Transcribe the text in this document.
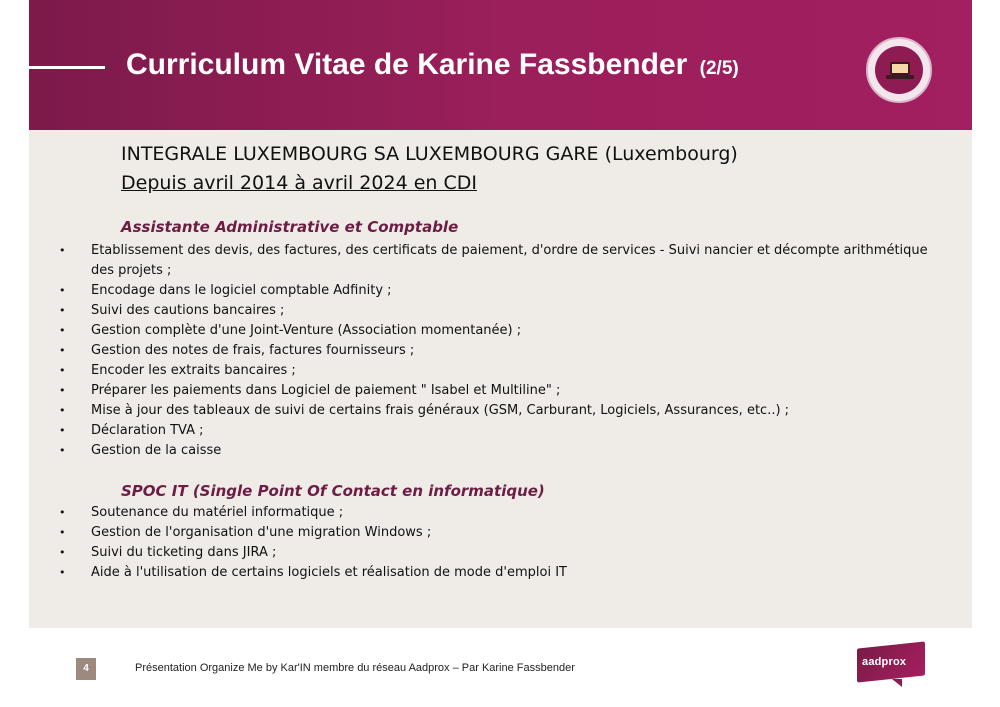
Curriculum Vitae de Karine Fassbender (2/5)
INTEGRALE LUXEMBOURG SA LUXEMBOURG GARE (Luxembourg)
Depuis avril 2014 à avril 2024 en CDI
Assistante Administrative et Comptable
• Etablissement des devis, des factures, des certificats de paiement, d'ordre de services - Suivi nancier et décompte arithmétique des projets ;
• Encodage dans le logiciel comptable Adfinity ;
• Suivi des cautions bancaires ;
• Gestion complète d'une Joint-Venture (Association momentanée) ;
• Gestion des notes de frais, factures fournisseurs ;
• Encoder les extraits bancaires ;
• Préparer les paiements dans Logiciel de paiement " Isabel et Multiline" ;
• Mise à jour des tableaux de suivi de certains frais généraux (GSM, Carburant, Logiciels, Assurances, etc..) ;
• Déclaration TVA ;
• Gestion de la caisse
SPOC IT (Single Point Of Contact en informatique)
• Soutenance du matériel informatique ;
• Gestion de l'organisation d'une migration Windows ;
• Suivi du ticketing dans JIRA ;
• Aide à l'utilisation de certains logiciels et réalisation de mode d'emploi IT
4	Présentation Organize Me by Kar'IN membre du réseau Aadprox – Par Karine Fassbender	aadprox
